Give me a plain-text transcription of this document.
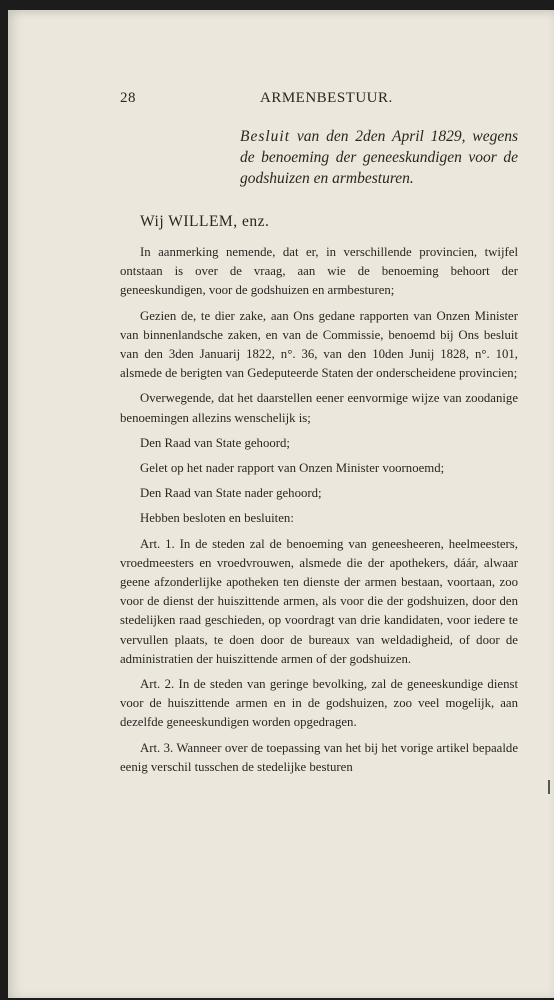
28	ARMENBESTUUR.
Besluit van den 2den April 1829, wegens de benoeming der geneeskundigen voor de godshuizen en armbesturen.
Wij WILLEM, enz.

In aanmerking nemende, dat er, in verschillende provincien, twijfel ontstaan is over de vraag, aan wie de benoeming behoort der geneeskundigen, voor de godshuizen en armbesturen;

Gezien de, te dier zake, aan Ons gedane rapporten van Onzen Minister van binnenlandsche zaken, en van de Commissie, benoemd bij Ons besluit van den 3den Januarij 1822, n°. 36, van den 10den Junij 1828, n°. 101, alsmede de berigten van Gedeputeerde Staten der onderscheidene provincien;

Overwegende, dat het daarstellen eener eenvormige wijze van zoodanige benoemingen allezins wenschelijk is;

Den Raad van State gehoord;

Gelet op het nader rapport van Onzen Minister voornoemd;

Den Raad van State nader gehoord;

Hebben besloten en besluiten:

Art. 1. In de steden zal de benoeming van geneesheeren, heelmeesters, vroedmeesters en vroedvrouwen, alsmede die der apothekers, dáár, alwaar geene afzonderlijke apotheken ten dienste der armen bestaan, voortaan, zoo voor de dienst der huiszittende armen, als voor die der godshuizen, door den stedelijken raad geschieden, op voordragt van drie kandidaten, voor iedere te vervullen plaats, te doen door de bureaux van weldadigheid, of door de administratien der huiszittende armen of der godshuizen.

Art. 2. In de steden van geringe bevolking, zal de geneeskundige dienst voor de huiszittende armen en in de godshuizen, zoo veel mogelijk, aan dezelfde geneeskundigen worden opgedragen.

Art. 3. Wanneer over de toepassing van het bij het vorige artikel bepaalde eenig verschil tusschen de stedelijke besturen
